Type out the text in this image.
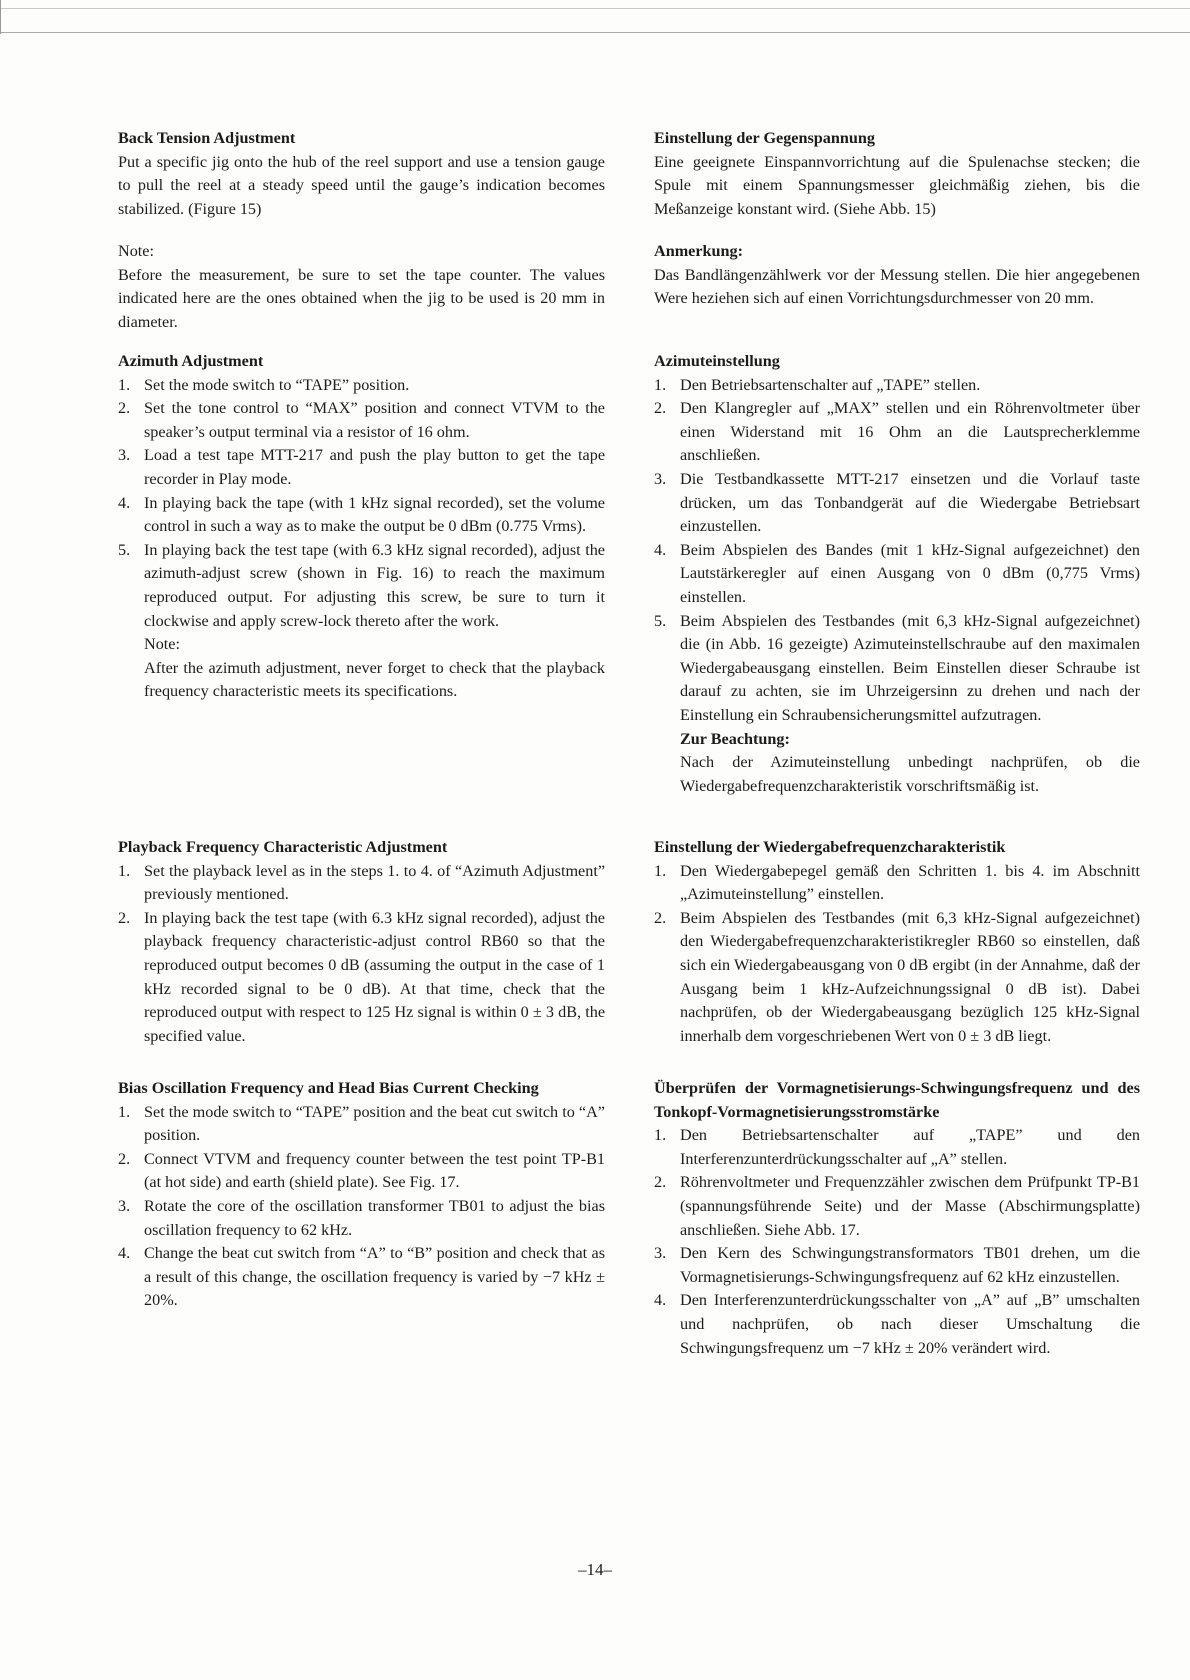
Back Tension Adjustment

Put a specific jig onto the hub of the reel support and use a tension gauge to pull the reel at a steady speed until the gauge’s indication becomes stabilized. (Figure 15)

Note:

Before the measurement, be sure to set the tape counter. The values indicated here are the ones obtained when the jig to be used is 20 mm in diameter.

Azimuth Adjustment
1. Set the mode switch to “TAPE” position.
2. Set the tone control to “MAX” position and connect VTVM to the speaker’s output terminal via a resistor of 16 ohm.
3. Load a test tape MTT-217 and push the play button to get the tape recorder in Play mode.
4. In playing back the tape (with 1 kHz signal recorded), set the volume control in such a way as to make the output be 0 dBm (0.775 Vrms).
5. In playing back the test tape (with 6.3 kHz signal recorded), adjust the azimuth-adjust screw (shown in Fig. 16) to reach the maximum reproduced output. For adjusting this screw, be sure to turn it clockwise and apply screw-lock thereto after the work.
Note:
After the azimuth adjustment, never forget to check that the playback frequency characteristic meets its specifications.
Playback Frequency Characteristic Adjustment
1. Set the playback level as in the steps 1. to 4. of “Azimuth Adjustment” previously mentioned.
2. In playing back the test tape (with 6.3 kHz signal recorded), adjust the playback frequency characteristic-adjust control RB60 so that the reproduced output becomes 0 dB (assuming the output in the case of 1 kHz recorded signal to be 0 dB). At that time, check that the reproduced output with respect to 125 Hz signal is within 0 ± 3 dB, the specified value.
Bias Oscillation Frequency and Head Bias Current Checking
1. Set the mode switch to “TAPE” position and the beat cut switch to “A” position.
2. Connect VTVM and frequency counter between the test point TP-B1 (at hot side) and earth (shield plate). See Fig. 17.
3. Rotate the core of the oscillation transformer TB01 to adjust the bias oscillation frequency to 62 kHz.
4. Change the beat cut switch from “A” to “B” position and check that as a result of this change, the oscillation frequency is varied by −7 kHz ± 20%.
Einstellung der Gegenspannung

Eine geeignete Einspannvorrichtung auf die Spulenachse stecken; die Spule mit einem Spannungsmesser gleichmäßig ziehen, bis die Meßanzeige konstant wird. (Siehe Abb. 15)

Anmerkung:

Das Bandlängenzählwerk vor der Messung stellen. Die hier angegebenen Were heziehen sich auf einen Vorrichtungsdurchmesser von 20 mm.

Azimuteinstellung
1. Den Betriebsartenschalter auf „TAPE” stellen.
2. Den Klangregler auf „MAX” stellen und ein Röhrenvoltmeter über einen Widerstand mit 16 Ohm an die Lautsprecherklemme anschließen.
3. Die Testbandkassette MTT-217 einsetzen und die Vorlauf taste drücken, um das Tonbandgerät auf die Wiedergabe Betriebsart einzustellen.
4. Beim Abspielen des Bandes (mit 1 kHz-Signal aufgezeichnet) den Lautstärkeregler auf einen Ausgang von 0 dBm (0,775 Vrms) einstellen.
5. Beim Abspielen des Testbandes (mit 6,3 kHz-Signal aufgezeichnet) die (in Abb. 16 gezeigte) Azimuteinstellschraube auf den maximalen Wiedergabeausgang einstellen. Beim Einstellen dieser Schraube ist darauf zu achten, sie im Uhrzeigersinn zu drehen und nach der Einstellung ein Schraubensicherungsmittel aufzutragen.
Zur Beachtung:
Nach der Azimuteinstellung unbedingt nachprüfen, ob die Wiedergabefrequenzcharakteristik vorschriftsmäßig ist.
Einstellung der Wiedergabefrequenzcharakteristik
1. Den Wiedergabepegel gemäß den Schritten 1. bis 4. im Abschnitt „Azimuteinstellung” einstellen.
2. Beim Abspielen des Testbandes (mit 6,3 kHz-Signal aufgezeichnet) den Wiedergabefrequenzcharakteristikregler RB60 so einstellen, daß sich ein Wiedergabeausgang von 0 dB ergibt (in der Annahme, daß der Ausgang beim 1 kHz-Aufzeichnungssignal 0 dB ist). Dabei nachprüfen, ob der Wiedergabeausgang bezüglich 125 kHz-Signal innerhalb dem vorgeschriebenen Wert von 0 ± 3 dB liegt.
Überprüfen der Vormagnetisierungs-Schwingungsfrequenz und des Tonkopf-Vormagnetisierungsstromstärke
1. Den Betriebsartenschalter auf „TAPE” und den Interferenzunterdrückungsschalter auf „A” stellen.
2. Röhrenvoltmeter und Frequenzzähler zwischen dem Prüfpunkt TP-B1 (spannungsführende Seite) und der Masse (Abschirmungsplatte) anschließen. Siehe Abb. 17.
3. Den Kern des Schwingungstransformators TB01 drehen, um die Vormagnetisierungs-Schwingungsfrequenz auf 62 kHz einzustellen.
4. Den Interferenzunterdrückungsschalter von „A” auf „B” umschalten und nachprüfen, ob nach dieser Umschaltung die Schwingungsfrequenz um −7 kHz ± 20% verändert wird.
–14–
